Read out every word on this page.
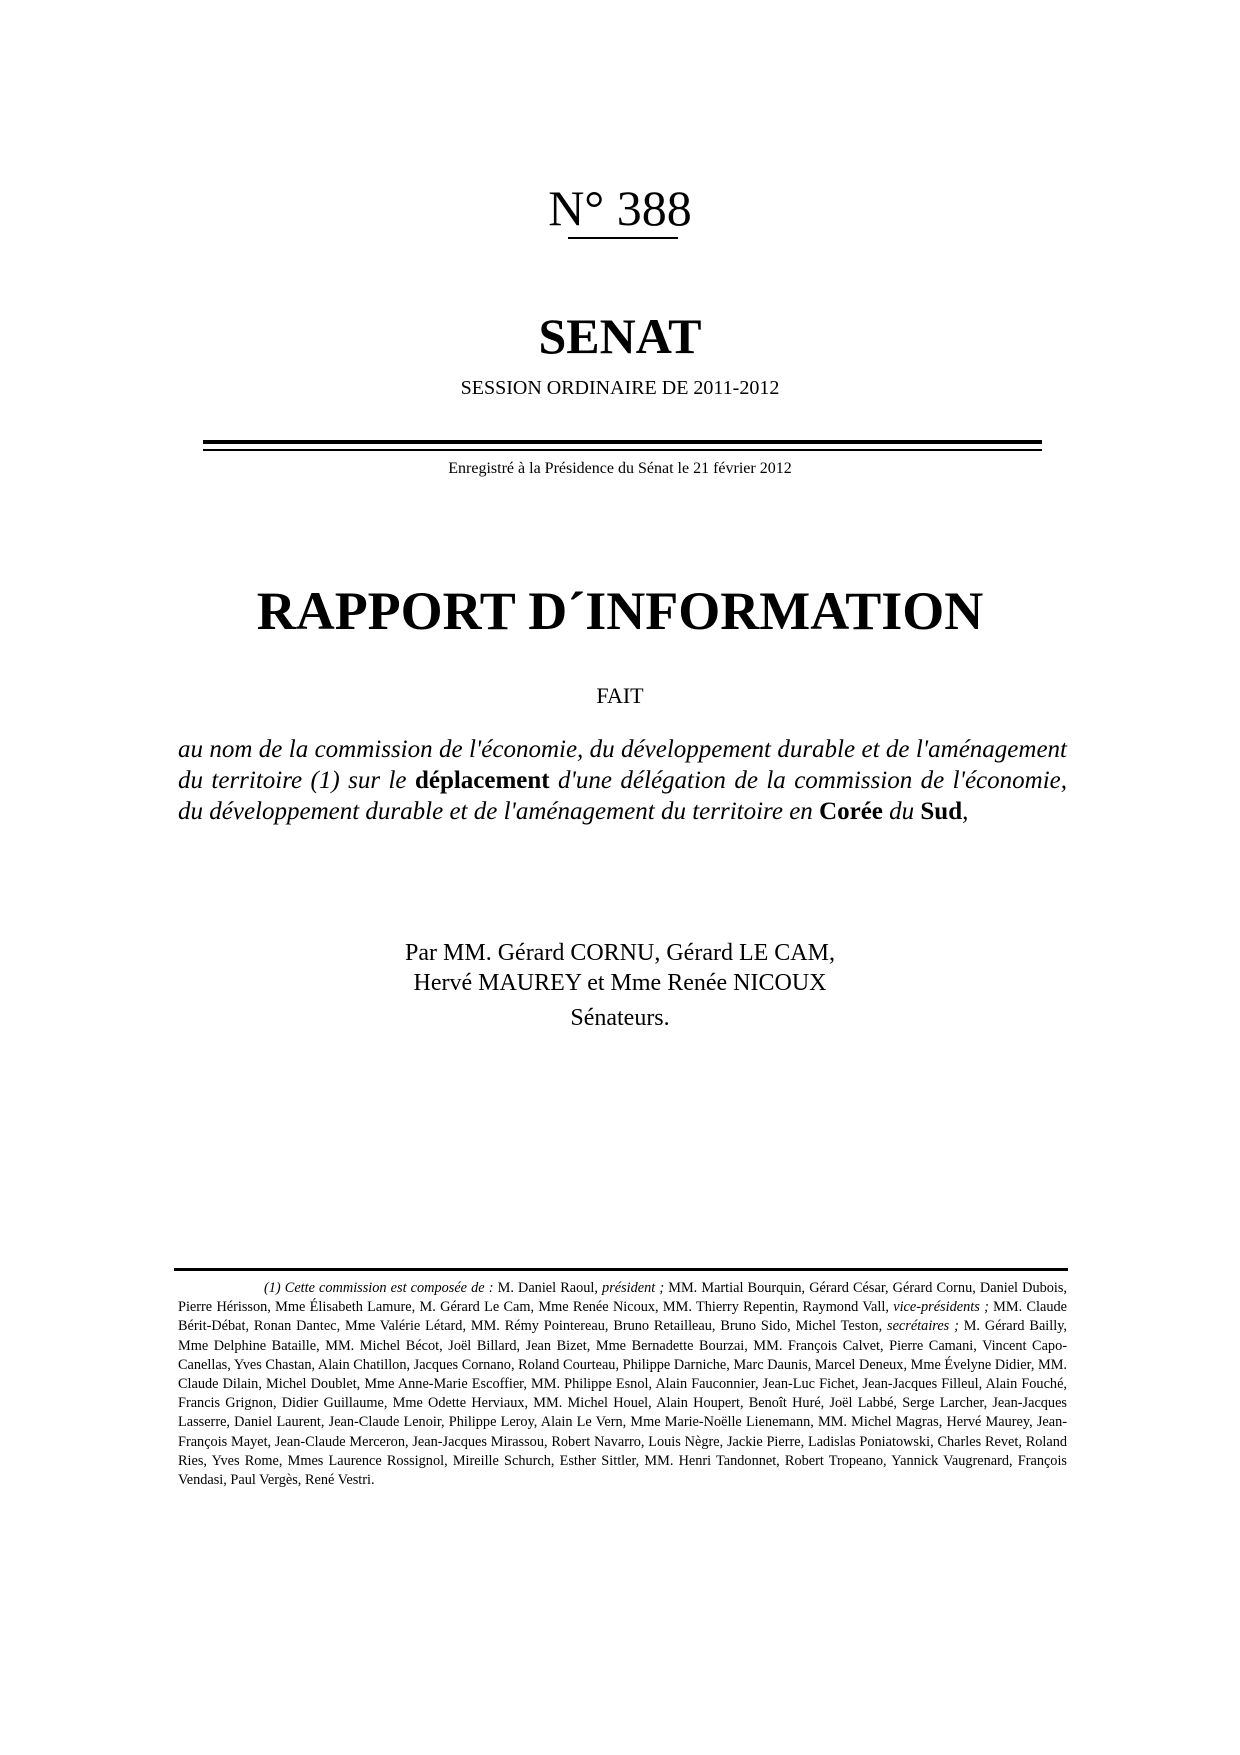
N° 388
SENAT
SESSION ORDINAIRE DE 2011-2012
Enregistré à la Présidence du Sénat le 21 février 2012
RAPPORT D´INFORMATION
FAIT
au nom de la commission de l'économie, du développement durable et de l'aménagement du territoire (1) sur le déplacement d'une délégation de la commission de l'économie, du développement durable et de l'aménagement du territoire en Corée du Sud,
Par MM. Gérard CORNU, Gérard LE CAM,
Hervé MAUREY et Mme Renée NICOUX
Sénateurs.
(1) Cette commission est composée de : M. Daniel Raoul, président ; MM. Martial Bourquin, Gérard César, Gérard Cornu, Daniel Dubois, Pierre Hérisson, Mme Élisabeth Lamure, M. Gérard Le Cam, Mme Renée Nicoux, MM. Thierry Repentin, Raymond Vall, vice-présidents ; MM. Claude Bérit-Débat, Ronan Dantec, Mme Valérie Létard, MM. Rémy Pointereau, Bruno Retailleau, Bruno Sido, Michel Teston, secrétaires ; M. Gérard Bailly, Mme Delphine Bataille, MM. Michel Bécot, Joël Billard, Jean Bizet, Mme Bernadette Bourzai, MM. François Calvet, Pierre Camani, Vincent Capo-Canellas, Yves Chastan, Alain Chatillon, Jacques Cornano, Roland Courteau, Philippe Darniche, Marc Daunis, Marcel Deneux, Mme Évelyne Didier, MM. Claude Dilain, Michel Doublet, Mme Anne-Marie Escoffier, MM. Philippe Esnol, Alain Fauconnier, Jean-Luc Fichet, Jean-Jacques Filleul, Alain Fouché, Francis Grignon, Didier Guillaume, Mme Odette Herviaux, MM. Michel Houel, Alain Houpert, Benoît Huré, Joël Labbé, Serge Larcher, Jean-Jacques Lasserre, Daniel Laurent, Jean-Claude Lenoir, Philippe Leroy, Alain Le Vern, Mme Marie-Noëlle Lienemann, MM. Michel Magras, Hervé Maurey, Jean-François Mayet, Jean-Claude Merceron, Jean-Jacques Mirassou, Robert Navarro, Louis Nègre, Jackie Pierre, Ladislas Poniatowski, Charles Revet, Roland Ries, Yves Rome, Mmes Laurence Rossignol, Mireille Schurch, Esther Sittler, MM. Henri Tandonnet, Robert Tropeano, Yannick Vaugrenard, François Vendasi, Paul Vergès, René Vestri.
